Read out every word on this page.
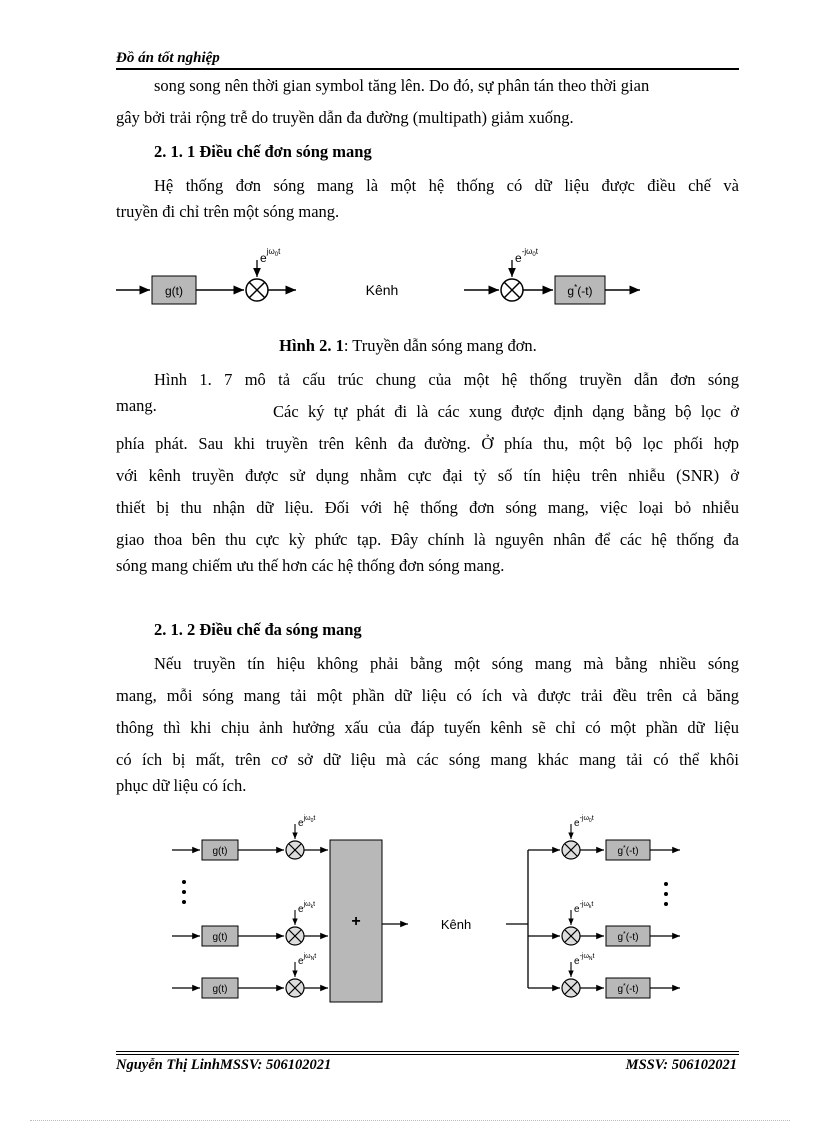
Đồ án tốt nghiệp
song song nên thời gian symbol tăng lên. Do đó, sự phân tán theo thời gian
gây bởi trải rộng trễ do truyền dẫn đa đường (multipath) giảm xuống.
2. 1. 1 Điều chế đơn sóng mang
Hệ thống đơn sóng mang là một hệ thống có dữ liệu được điều chế và
truyền đi chỉ trên một sóng mang.
g(t)
$e^{j\omega}0t$
Kênh
$e^{-j\omega}0t$
g*(-t)
Hình 2. 1: Truyền dẫn sóng mang đơn.
Hình 1. 7 mô tả cấu trúc chung của một hệ thống truyền dẫn đơn sóng
mang.	Các ký tự phát đi là các xung được định dạng bằng bộ lọc ở
phía phát. Sau khi truyền trên kênh đa đường. Ở phía thu, một bộ lọc phối hợp
với kênh truyền được sử dụng nhằm cực đại tỷ số tín hiệu trên nhiễu (SNR) ở
thiết bị thu nhận dữ liệu. Đối với hệ thống đơn sóng mang, việc loại bỏ nhiễu
giao thoa bên thu cực kỳ phức tạp. Đây chính là nguyên nhân để các hệ thống đa
sóng mang chiếm ưu thế hơn các hệ thống đơn sóng mang.
2. 1. 2 Điều chế đa sóng mang
Nếu truyền tín hiệu không phải bằng một sóng mang mà bằng nhiều sóng
mang, mỗi sóng mang tải một phần dữ liệu có ích và được trải đều trên cả băng
thông thì khi chịu ảnh hưởng xấu của đáp tuyến kênh sẽ chỉ có một phần dữ liệu
có ích bị mất, trên cơ sở dữ liệu mà các sóng mang khác mang tải có thể khôi
phục dữ liệu có ích.
g(t)
$e^{j\omega}_0^t$
g(t)
$e^{j\omega}_k^t$
g(t)
$e^{j\omega}_N^t$
+	Kênh
$e^{-j\omega}_0^t$
g*(-t)
$e^{-j\omega}_k^t$
g*(-t)
$e^{-j\omega}_N^t$
g*(-t)
Nguyễn Thị LinhMSSV: 506102021	MSSV: 506102021
